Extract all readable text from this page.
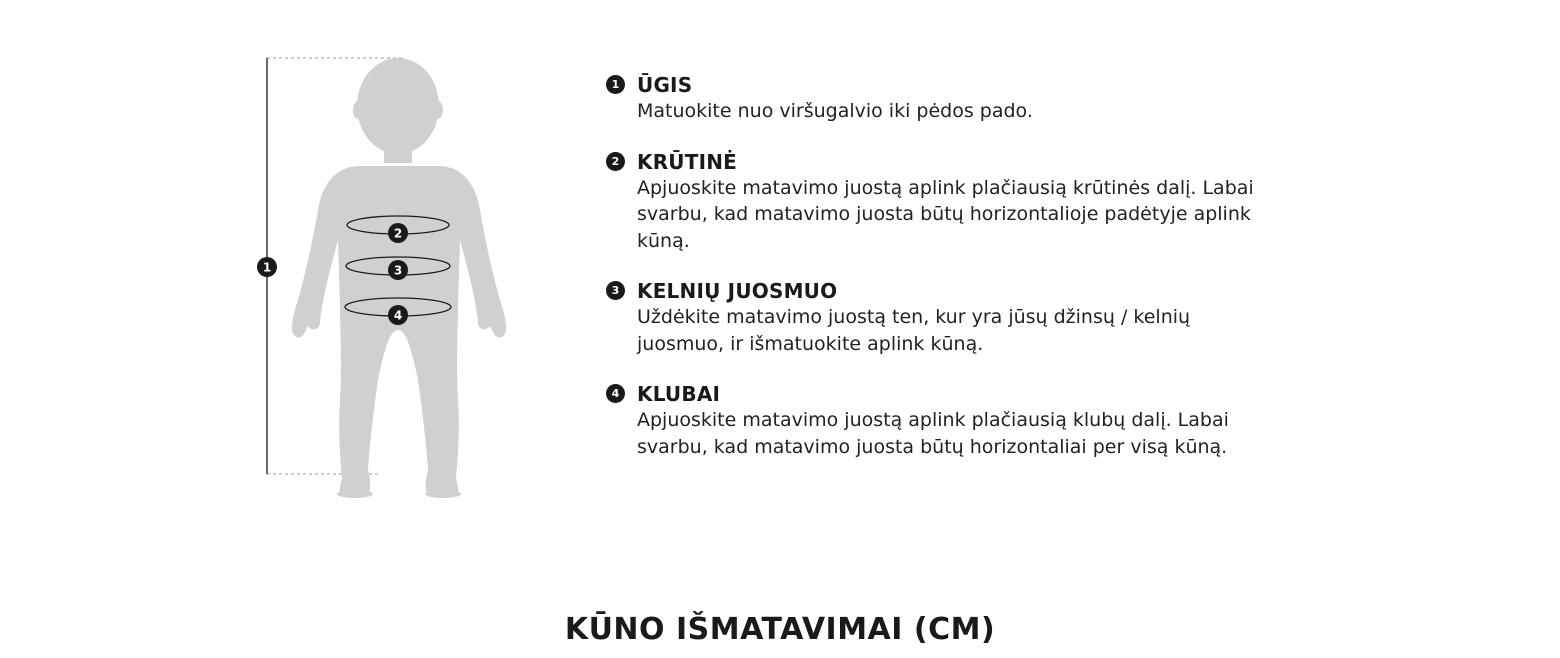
1
2
3
4
1 ŪGIS
Matuokite nuo viršugalvio iki pėdos pado.
2 KRŪTINĖ
Apjuoskite matavimo juostą aplink plačiausią krūtinės dalį. Labai svarbu, kad matavimo juosta būtų horizontalioje padėtyje aplink kūną.
3 KELNIŲ JUOSMUO
Uždėkite matavimo juostą ten, kur yra jūsų džinsų / kelnių juosmuo, ir išmatuokite aplink kūną.
4 KLUBAI
Apjuoskite matavimo juostą aplink plačiausią klubų dalį. Labai svarbu, kad matavimo juosta būtų horizontaliai per visą kūną.
KŪNO IŠMATAVIMAI (CM)
